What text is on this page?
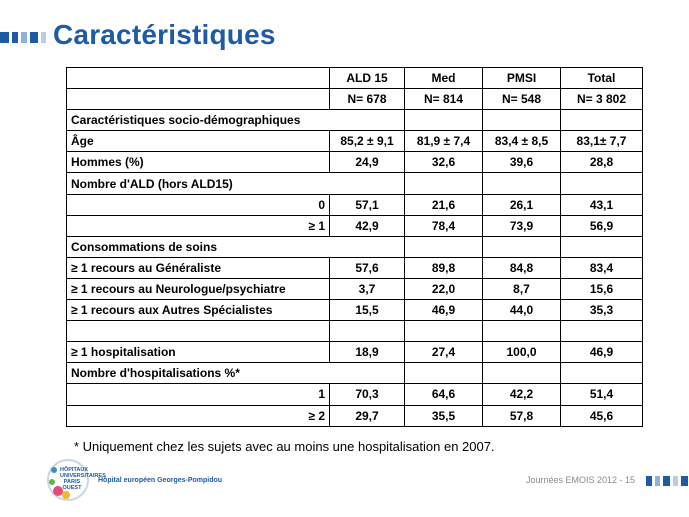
Caractéristiques
	ALD 15	Med	PMSI	Total
	N= 678	N= 814	N= 548	N= 3 802
Caractéristiques socio-démographiques				
Âge	85,2 ± 9,1	81,9 ± 7,4	83,4 ± 8,5	83,1± 7,7
Hommes (%)	24,9	32,6	39,6	28,8
Nombre d'ALD (hors ALD15)				
0	57,1	21,6	26,1	43,1
≥ 1	42,9	78,4	73,9	56,9
Consommations de soins				
≥ 1 recours au Généraliste	57,6	89,8	84,8	83,4
≥ 1 recours au Neurologue/psychiatre	3,7	22,0	8,7	15,6
≥ 1 recours aux Autres Spécialistes	15,5	46,9	44,0	35,3

≥ 1 hospitalisation	18,9	27,4	100,0	46,9
Nombre d'hospitalisations %*				
1	70,3	64,6	42,2	51,4
≥ 2	29,7	35,5	57,8	45,6
* Uniquement chez les sujets avec au moins une hospitalisation en 2007.
HÔPITAUX UNIVERSITAIRES PARIS OUEST
Hôpital européen Georges-Pompidou	Journées EMOIS 2012 - 15
